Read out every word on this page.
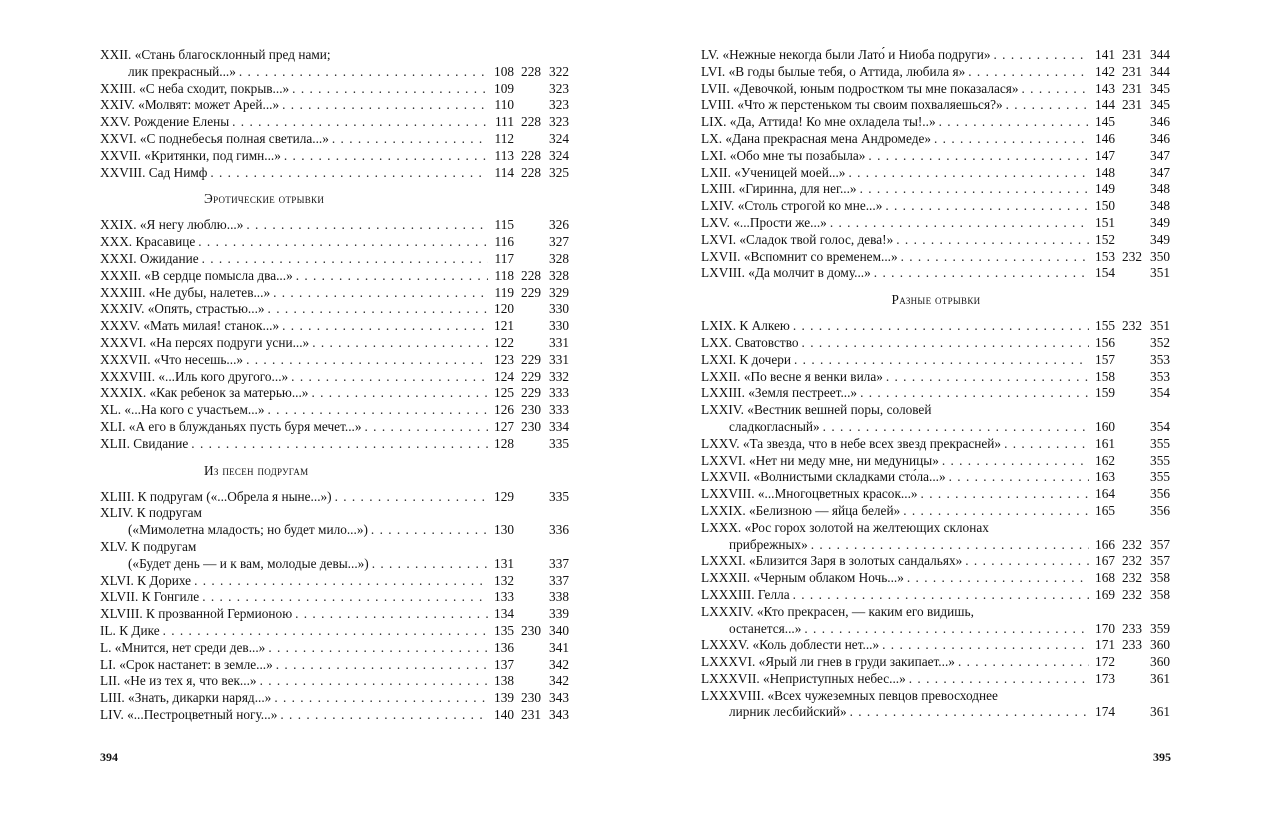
XXII. «Стань благосклонный пред нами;
лик прекрасный...» . . .	108 228 322
XXIII. «С неба сходит, покрыв...» . . .	109	323
XXIV. «Молвят: может Арей...» . . .	110	323
XXV. Рождение Елены . . .	111 228 323
XXVI. «С поднебесья полная светила...» . . .	112	324
XXVII. «Критянки, под гимн...» . . .	113 228 324
XXVIII. Сад Нимф . . .	114 228 325
Эротические отрывки
XXIX. «Я негу люблю...» . . .	115	326
XXX. Красавице . . .	116	327
XXXI. Ожидание . . .	117	328
XXXII. «В сердце помысла два...» . . .	118 228 328
XXXIII. «Не дубы, налетев...» . . .	119 229 329
XXXIV. «Опять, страстью...» . . .	120	330
XXXV. «Мать милая! станок...» . . .	121	330
XXXVI. «На персях подруги усни...» . . .	122	331
XXXVII. «Что несешь...» . . .	123 229 331
XXXVIII. «...Иль кого другого...» . . .	124 229 332
XXXIX. «Как ребенок за матерью...» . . .	125 229 333
XL. «...На кого с участьем...» . . .	126 230 333
XLI. «А его в блужданьях пусть буря мечет...» . . .	127 230 334
XLII. Свидание . . .	128	335
Из песен подругам
XLIII. К подругам («...Обрела я ныне...») . . .	129	335
XLIV. К подругам
(«Мимолетна младость; но будет мило...») . . .	130	336
XLV. К подругам
(«Будет день — и к вам, молодые девы...») . . .	131	337
XLVI. К Дорихе . . .	132	337
XLVII. К Гонгиле . . .	133	338
XLVIII. К прозванной Гермионою . . .	134	339
IL. К Дике . . .	135 230 340
L. «Мнится, нет среди дев...» . . .	136	341
LI. «Срок настанет: в земле...» . . .	137	342
LII. «Не из тех я, что век...» . . .	138	342
LIII. «Знать, дикарки наряд...» . . .	139 230 343
LIV. «...Пестроцветный ногу...» . . .	140 231 343
394
LV. «Нежные некогда были Лато́ и Ниоба подруги» . . .	141 231 344
LVI. «В годы былые тебя, о Аттида, любила я» . . .	142 231 344
LVII. «Девочкой, юным подростком ты мне показалася» . . .	143 231 345
LVIII. «Что ж перстеньком ты своим похваляешься?» . . .	144 231 345
LIX. «Да, Аттида! Ко мне охладела ты!..» . . .	145	346
LX. «Дана прекрасная мена Андромеде» . . .	146	346
LXI. «Обо мне ты позабыла» . . .	147	347
LXII. «Ученицей моей...» . . .	148	347
LXIII. «Гиринна, для нег...» . . .	149	348
LXIV. «Столь строгой ко мне...» . . .	150	348
LXV. «...Прости же...» . . .	151	349
LXVI. «Сладок твой голос, дева!» . . .	152	349
LXVII. «Вспомнит со временем...» . . .	153 232 350
LXVIII. «Да молчит в дому...» . . .	154	351
Разные отрывки
LXIX. К Алкею . . .	155 232 351
LXX. Сватовство . . .	156	352
LXXI. К дочери . . .	157	353
LXXII. «По весне я венки вила» . . .	158	353
LXXIII. «Земля пестреет...» . . .	159	354
LXXIV. «Вестник вешней поры, соловей
сладкогласный» . . .	160	354
LXXV. «Та звезда, что в небе всех звезд прекрасней» . . .	161	355
LXXVI. «Нет ни меду мне, ни медуницы» . . .	162	355
LXXVII. «Волнистыми складками сто́ла...» . . .	163	355
LXXVIII. «...Многоцветных красок...» . . .	164	356
LXXIX. «Белизною — яйца белей» . . .	165	356
LXXX. «Рос горох золотой на желтеющих склонах
прибрежных» . . .	166 232 357
LXXXI. «Близится Заря в золотых сандальях» . . .	167 232 357
LXXXII. «Черным облаком Ночь...» . . .	168 232 358
LXXXIII. Гелла . . .	169 232 358
LXXXIV. «Кто прекрасен, — каким его видишь,
останется...» . . .	170 233 359
LXXXV. «Коль доблести нет...» . . .	171 233 360
LXXXVI. «Ярый ли гнев в груди закипает...» . . .	172	360
LXXXVII. «Неприступных небес...» . . .	173	361
LXXXVIII. «Всех чужеземных певцов превосходнее
лирник лесбийский» . . .	174	361
395
